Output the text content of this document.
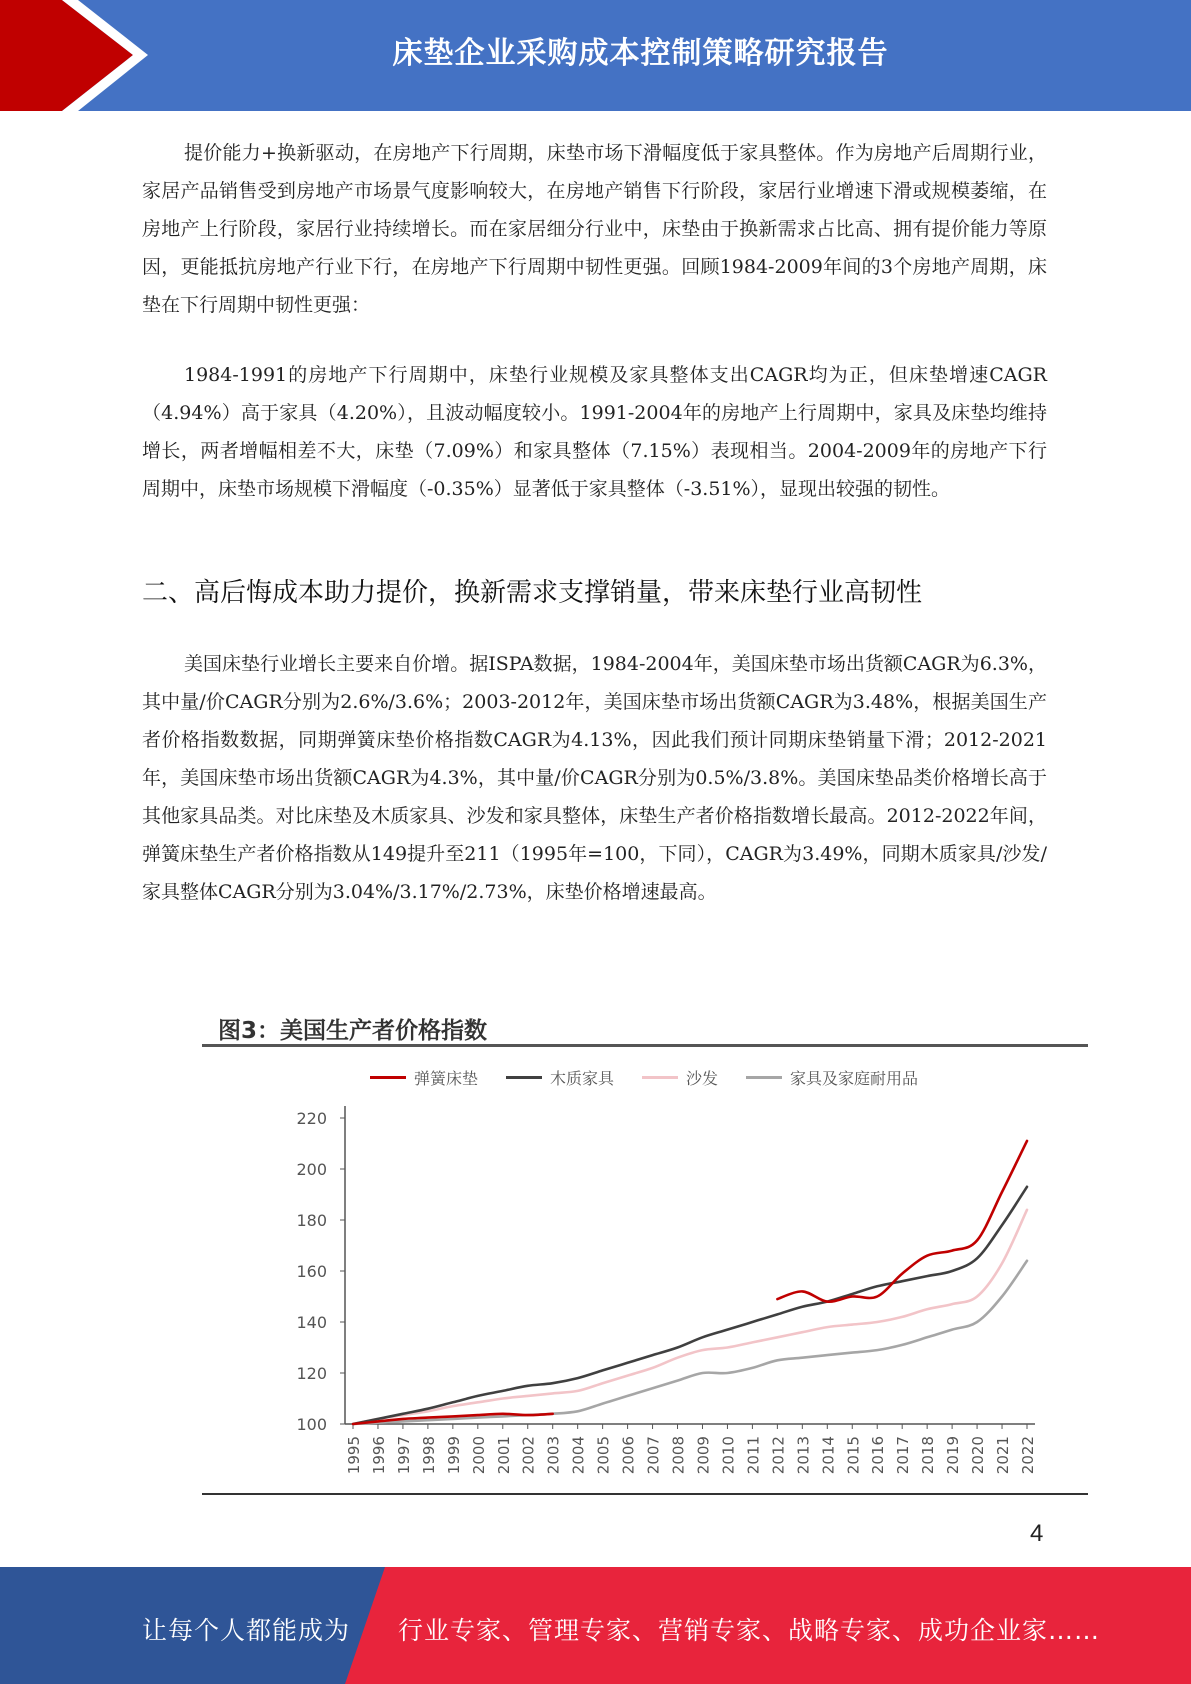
床垫企业采购成本控制策略研究报告

提价能力+换新驱动，在房地产下行周期，床垫市场下滑幅度低于家具整体。作为房地产后周期行业，家居产品销售受到房地产市场景气度影响较大，在房地产销售下行阶段，家居行业增速下滑或规模萎缩，在房地产上行阶段，家居行业持续增长。而在家居细分行业中，床垫由于换新需求占比高、拥有提价能力等原因，更能抵抗房地产行业下行，在房地产下行周期中韧性更强。回顾1984-2009年间的3个房地产周期，床垫在下行周期中韧性更强：

1984-1991的房地产下行周期中，床垫行业规模及家具整体支出CAGR均为正，但床垫增速CAGR（4.94%）高于家具（4.20%），且波动幅度较小。1991-2004年的房地产上行周期中，家具及床垫均维持增长，两者增幅相差不大，床垫（7.09%）和家具整体（7.15%）表现相当。2004-2009年的房地产下行周期中，床垫市场规模下滑幅度（-0.35%）显著低于家具整体（-3.51%），显现出较强的韧性。

二、高后悔成本助力提价，换新需求支撑销量，带来床垫行业高韧性

美国床垫行业增长主要来自价增。据ISPA数据，1984-2004年，美国床垫市场出货额CAGR为6.3%，其中量/价CAGR分别为2.6%/3.6%；2003-2012年，美国床垫市场出货额CAGR为3.48%，根据美国生产者价格指数数据，同期弹簧床垫价格指数CAGR为4.13%，因此我们预计同期床垫销量下滑；2012-2021年，美国床垫市场出货额CAGR为4.3%，其中量/价CAGR分别为0.5%/3.8%。美国床垫品类价格增长高于其他家具品类。对比床垫及木质家具、沙发和家具整体，床垫生产者价格指数增长最高。2012-2022年间，弹簧床垫生产者价格指数从149提升至211（1995年=100，下同），CAGR为3.49%，同期木质家具/沙发/家具整体CAGR分别为3.04%/3.17%/2.73%，床垫价格增速最高。

图3：美国生产者价格指数
弹簧床垫	木质家具	沙发	家具及家庭耐用品
100
120
140
160
180
200
220
1995 1996 1997 1998 1999 2000 2001 2002 2003 2004 2005 2006 2007 2008 2009 2010 2011 2012 2013 2014 2015 2016 2017 2018 2019 2020 2021 2022
4
让每个人都能成为 行业专家、管理专家、营销专家、战略专家、成功企业家……
